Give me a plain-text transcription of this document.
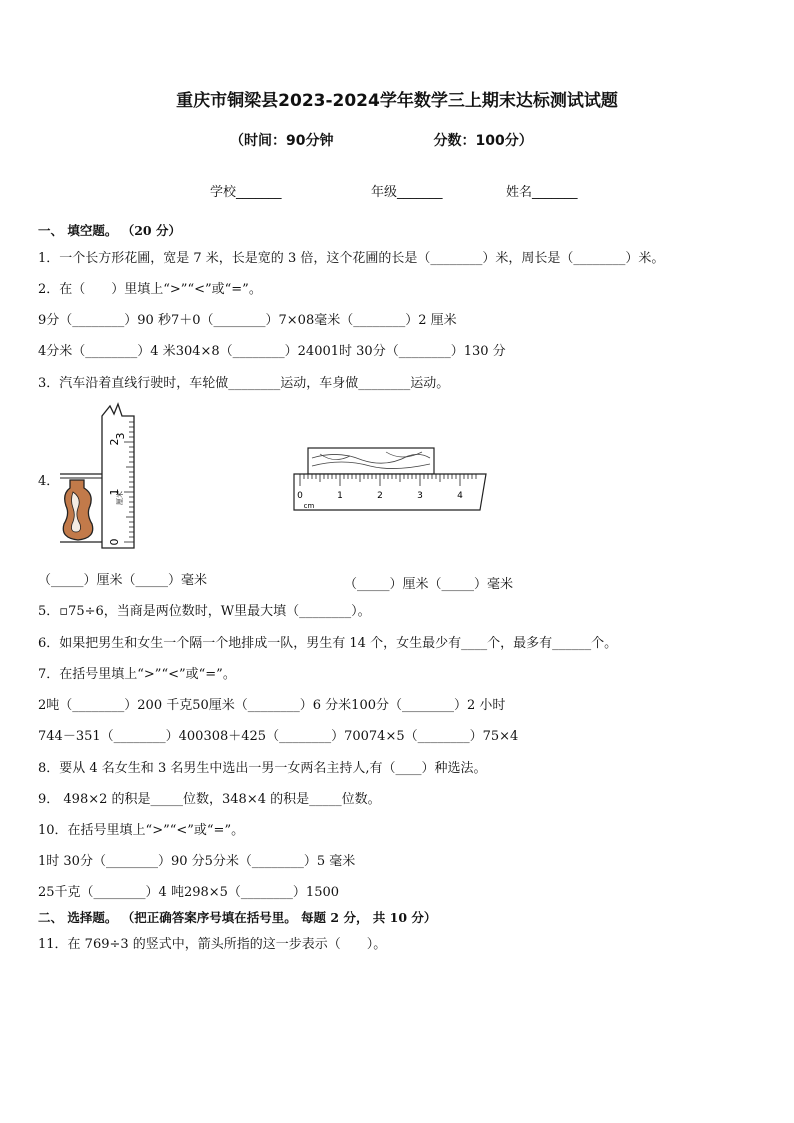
重庆市铜梁县2023-2024学年数学三上期末达标测试试题
（时间：90分钟	分数：100分）
学校_______	年级_______	姓名_______
一、 填空题。 （20 分）
1．一个长方形花圃，宽是 7 米，长是宽的 3 倍，这个花圃的长是（________）米，周长是（________）米。
2．在（　　）里填上“>”“<”或“=”。
9分（________）90 秒7＋0（________）7×08毫米（________）2 厘米
4分米（________）4 米304×8（________）24001时 30分（________）130 分
3．汽车沿着直线行驶时，车轮做________运动，车身做________运动。
4．
0
1
2
3
厘米	0	1	2	3	4
cm
（_____）厘米（_____）毫米	（_____）厘米（_____）毫米
5．▫75÷6，当商是两位数时，W里最大填（________）。
6．如果把男生和女生一个隔一个地排成一队，男生有 14 个，女生最少有____个，最多有______个。
7．在括号里填上“>”“<”或“=”。
2吨（________）200 千克50厘米（________）6 分米100分（________）2 小时
744－351（________）400308＋425（________）70074×5（________）75×4
8．要从 4 名女生和 3 名男生中选出一男一女两名主持人,有（____）种选法。
9． 498×2 的积是_____位数，348×4 的积是_____位数。
10．在括号里填上“>”“<”或“=”。
1时 30分（________）90 分5分米（________）5 毫米
25千克（________）4 吨298×5（________）1500
二、 选择题。 （把正确答案序号填在括号里。 每题 2 分， 共 10 分）
11．在 769÷3 的竖式中，箭头所指的这一步表示（　　）。
